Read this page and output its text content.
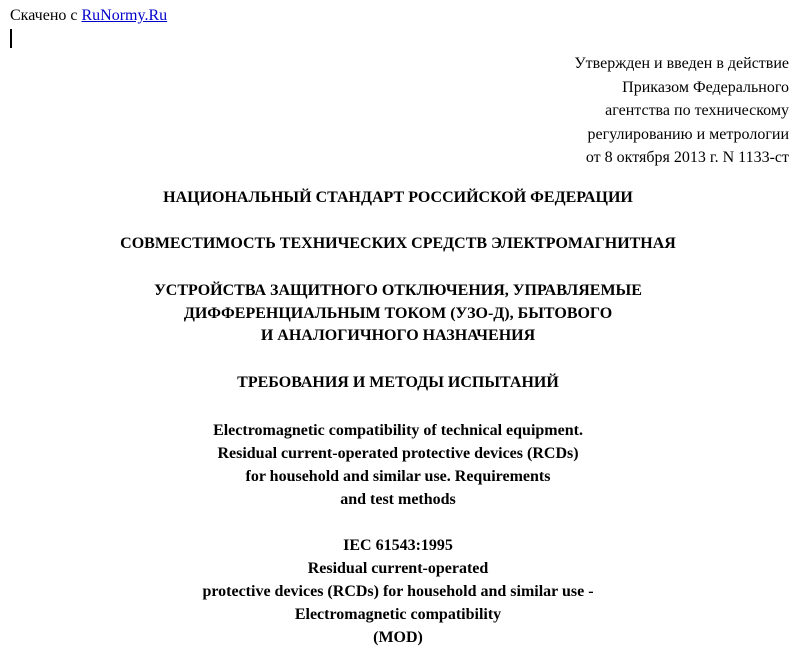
Скачено с RuNormy.Ru
Утвержден и введен в действие
Приказом Федерального
агентства по техническому
регулированию и метрологии
от 8 октября 2013 г. N 1133-ст
НАЦИОНАЛЬНЫЙ СТАНДАРТ РОССИЙСКОЙ ФЕДЕРАЦИИ
СОВМЕСТИМОСТЬ ТЕХНИЧЕСКИХ СРЕДСТВ ЭЛЕКТРОМАГНИТНАЯ
УСТРОЙСТВА ЗАЩИТНОГО ОТКЛЮЧЕНИЯ, УПРАВЛЯЕМЫЕ
ДИФФЕРЕНЦИАЛЬНЫМ ТОКОМ (УЗО-Д), БЫТОВОГО
И АНАЛОГИЧНОГО НАЗНАЧЕНИЯ
ТРЕБОВАНИЯ И МЕТОДЫ ИСПЫТАНИЙ
Electromagnetic compatibility of technical equipment.
Residual current-operated protective devices (RCDs)
for household and similar use. Requirements
and test methods
IEC 61543:1995
Residual current-operated
protective devices (RCDs) for household and similar use -
Electromagnetic compatibility
(MOD)
